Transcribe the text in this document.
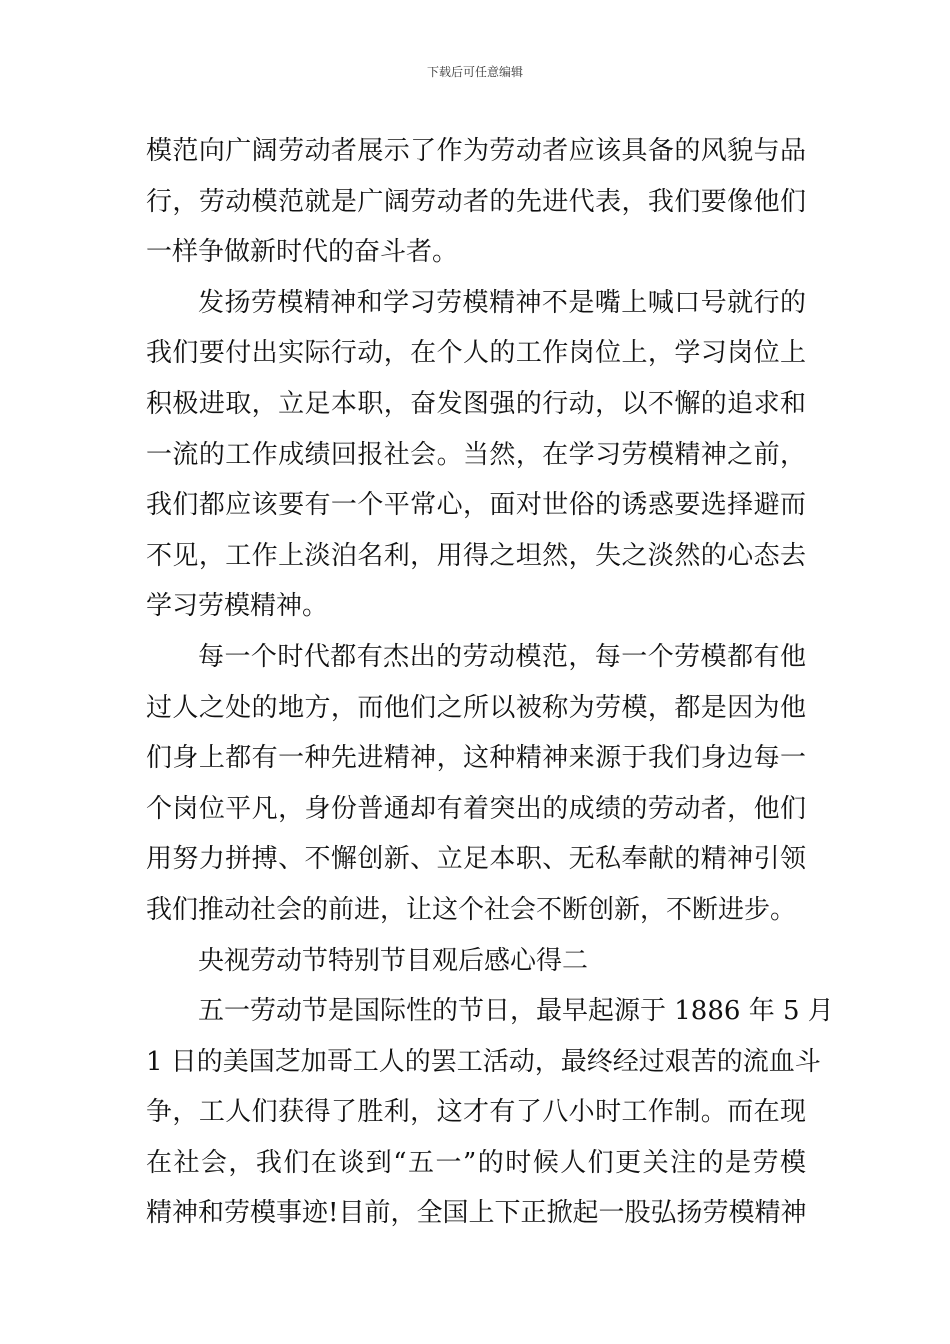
下载后可任意编辑
模范向广阔劳动者展示了作为劳动者应该具备的风貌与品
行，劳动模范就是广阔劳动者的先进代表，我们要像他们
一样争做新时代的奋斗者。
发扬劳模精神和学习劳模精神不是嘴上喊口号就行的
我们要付出实际行动，在个人的工作岗位上，学习岗位上
积极进取，立足本职，奋发图强的行动，以不懈的追求和
一流的工作成绩回报社会。当然，在学习劳模精神之前，
我们都应该要有一个平常心，面对世俗的诱惑要选择避而
不见，工作上淡泊名利，用得之坦然，失之淡然的心态去
学习劳模精神。
每一个时代都有杰出的劳动模范，每一个劳模都有他
过人之处的地方，而他们之所以被称为劳模，都是因为他
们身上都有一种先进精神，这种精神来源于我们身边每一
个岗位平凡，身份普通却有着突出的成绩的劳动者，他们
用努力拼搏、不懈创新、立足本职、无私奉献的精神引领
我们推动社会的前进，让这个社会不断创新，不断进步。
央视劳动节特别节目观后感心得二
五一劳动节是国际性的节日，最早起源于 1886 年 5 月
1 日的美国芝加哥工人的罢工活动，最终经过艰苦的流血斗
争，工人们获得了胜利，这才有了八小时工作制。而在现
在社会，我们在谈到“五一”的时候人们更关注的是劳模
精神和劳模事迹!目前，全国上下正掀起一股弘扬劳模精神
